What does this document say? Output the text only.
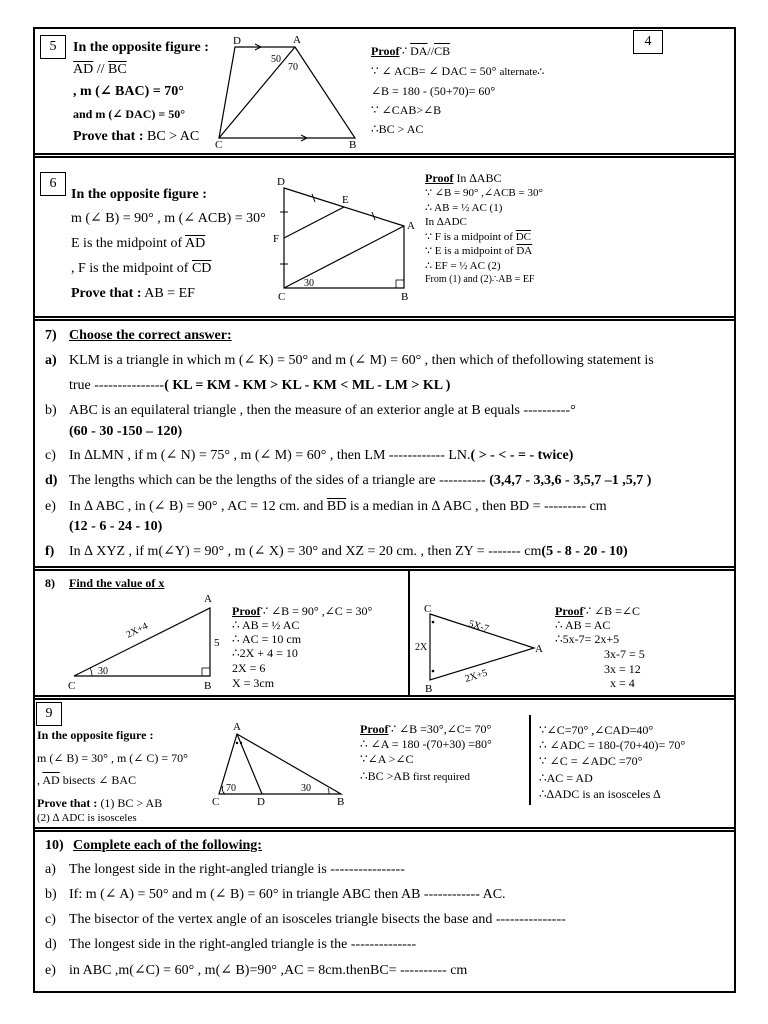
4
5	In the opposite figure :
$\overline{AD} // \overline{BC}$
, m (∠ BAC) = 70°
and m (∠ DAC) = 50°
Prove that : BC > AC
D	A
C	B
50
70
Proof∵ $\overline{DA}//\overline{CB}$
∵ ∠ ACB= ∠ DAC = 50° alternate∴
∠B = 180 - (50+70)= 60°
∵ ∠CAB>∠B
∴BC > AC
6
In the opposite figure :
m (∠ B) = 90° , m (∠ ACB) = 30°
E is the midpoint of $\overline{AD}$
, F is the midpoint of $\overline{CD}$
Prove that : AB = EF
D
E
F
A
C	B
30
Proof In ∆ABC
∵ ∠B = 90° ,∠ACB = 30°
∴ AB = ½ AC (1)
In ∆ADC
∵ F is a midpoint of $\overline{DC}$
∵ E is a midpoint of $\overline{DA}$
∴ EF = ½ AC (2)
From (1) and (2)∴AB = EF
7) Choose the correct answer:
a) KLM is a triangle in which m (∠ K) = 50° and m (∠ M) = 60° , then which of thefollowing statement is
true ---------------( KL = KM - KM > KL - KM < ML - LM > KL )
b) ABC is an equilateral triangle , then the measure of an exterior angle at B equals ----------°
(60 - 30 -150 – 120)
c) In ∆LMN , if m (∠ N) = 75° , m (∠ M) = 60° , then LM ------------ LN.( > - < - = - twice)
d) The lengths which can be the lengths of the sides of a triangle are ---------- (3,4,7 - 3,3,6 - 3,5,7 –1 ,5,7 )
e) In ∆ ABC , in (∠ B) = 90° , AC = 12 cm. and $\overline{BD}$ is a median in ∆ ABC , then BD = --------- cm
(12 - 6 - 24 - 10)
f) In ∆ XYZ , if m(∠Y) = 90° , m (∠ X) = 30° and XZ = 20 cm. , then ZY = ------- cm(5 - 8 - 20 - 10)
8) Find the value of x
A
C	B
5
30
2X+4
Proof∵ ∠B = 90° ,∠C = 30°
∴ AB = ½ AC
∴ AC = 10 cm
∴2X + 4 = 10
2X = 6
X = 3cm
C
A
B
2X
5X-7
2X+5
Proof∵ ∠B =∠C
∴ AB = AC
∴5x-7= 2x+5
3x-7 = 5
3x = 12
x = 4
9
In the opposite figure :
m (∠ B) = 30° , m (∠ C) = 70°
, $\overline{AD}$ bisects ∠ BAC
Prove that : (1) BC > AB
(2) ∆ ADC is isosceles
A
C	D	B
70	30
Proof∵ ∠B =30°,∠C= 70°
∴ ∠A = 180 -(70+30) =80°
∵∠A >∠C
∴BC >AB first required
∵∠C=70° ,∠CAD=40°
∴ ∠ADC = 180-(70+40)= 70°
∵ ∠C = ∠ADC =70°
∴AC = AD
∴∆ADC is an isosceles ∆
10) Complete each of the following:
a) The longest side in the right-angled triangle is ----------------
b) If: m (∠ A) = 50° and m (∠ B) = 60° in triangle ABC then AB ------------ AC.
c) The bisector of the vertex angle of an isosceles triangle bisects the base and ---------------
d) The longest side in the right-angled triangle is the --------------
e) in ABC ,m(∠C) = 60° , m(∠ B)=90° ,AC = 8cm.thenBC= ---------- cm
